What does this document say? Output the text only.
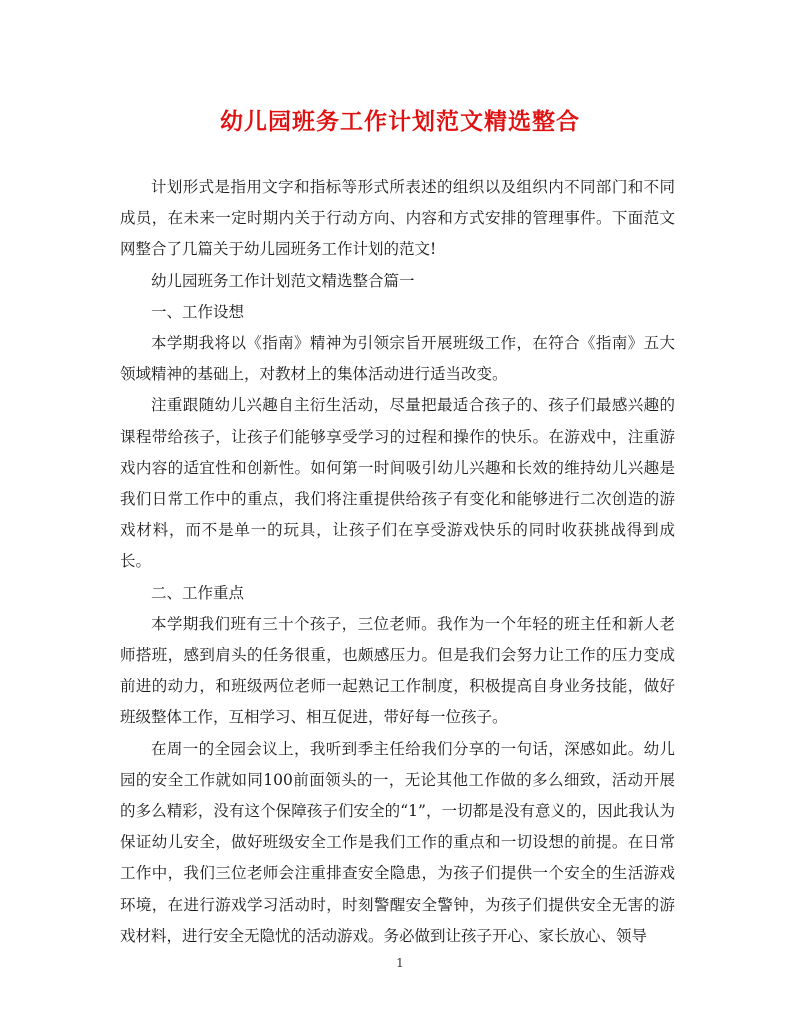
幼儿园班务工作计划范文精选整合

计划形式是指用文字和指标等形式所表述的组织以及组织内不同部门和不同成员，在未来一定时期内关于行动方向、内容和方式安排的管理事件。下面范文网整合了几篇关于幼儿园班务工作计划的范文!

幼儿园班务工作计划范文精选整合篇一

一、工作设想

本学期我将以《指南》精神为引领宗旨开展班级工作，在符合《指南》五大领域精神的基础上，对教材上的集体活动进行适当改变。

注重跟随幼儿兴趣自主衍生活动，尽量把最适合孩子的、孩子们最感兴趣的课程带给孩子，让孩子们能够享受学习的过程和操作的快乐。在游戏中，注重游戏内容的适宜性和创新性。如何第一时间吸引幼儿兴趣和长效的维持幼儿兴趣是我们日常工作中的重点，我们将注重提供给孩子有变化和能够进行二次创造的游戏材料，而不是单一的玩具，让孩子们在享受游戏快乐的同时收获挑战得到成长。

二、工作重点

本学期我们班有三十个孩子，三位老师。我作为一个年轻的班主任和新人老师搭班，感到肩头的任务很重，也颇感压力。但是我们会努力让工作的压力变成前进的动力，和班级两位老师一起熟记工作制度，积极提高自身业务技能，做好班级整体工作，互相学习、相互促进，带好每一位孩子。

在周一的全园会议上，我听到季主任给我们分享的一句话，深感如此。幼儿园的安全工作就如同100前面领头的一，无论其他工作做的多么细致，活动开展的多么精彩，没有这个保障孩子们安全的“1”，一切都是没有意义的，因此我认为保证幼儿安全，做好班级安全工作是我们工作的重点和一切设想的前提。在日常工作中，我们三位老师会注重排查安全隐患，为孩子们提供一个安全的生活游戏环境，在进行游戏学习活动时，时刻警醒安全警钟，为孩子们提供安全无害的游戏材料，进行安全无隐忧的活动游戏。务必做到让孩子开心、家长放心、领导

1
